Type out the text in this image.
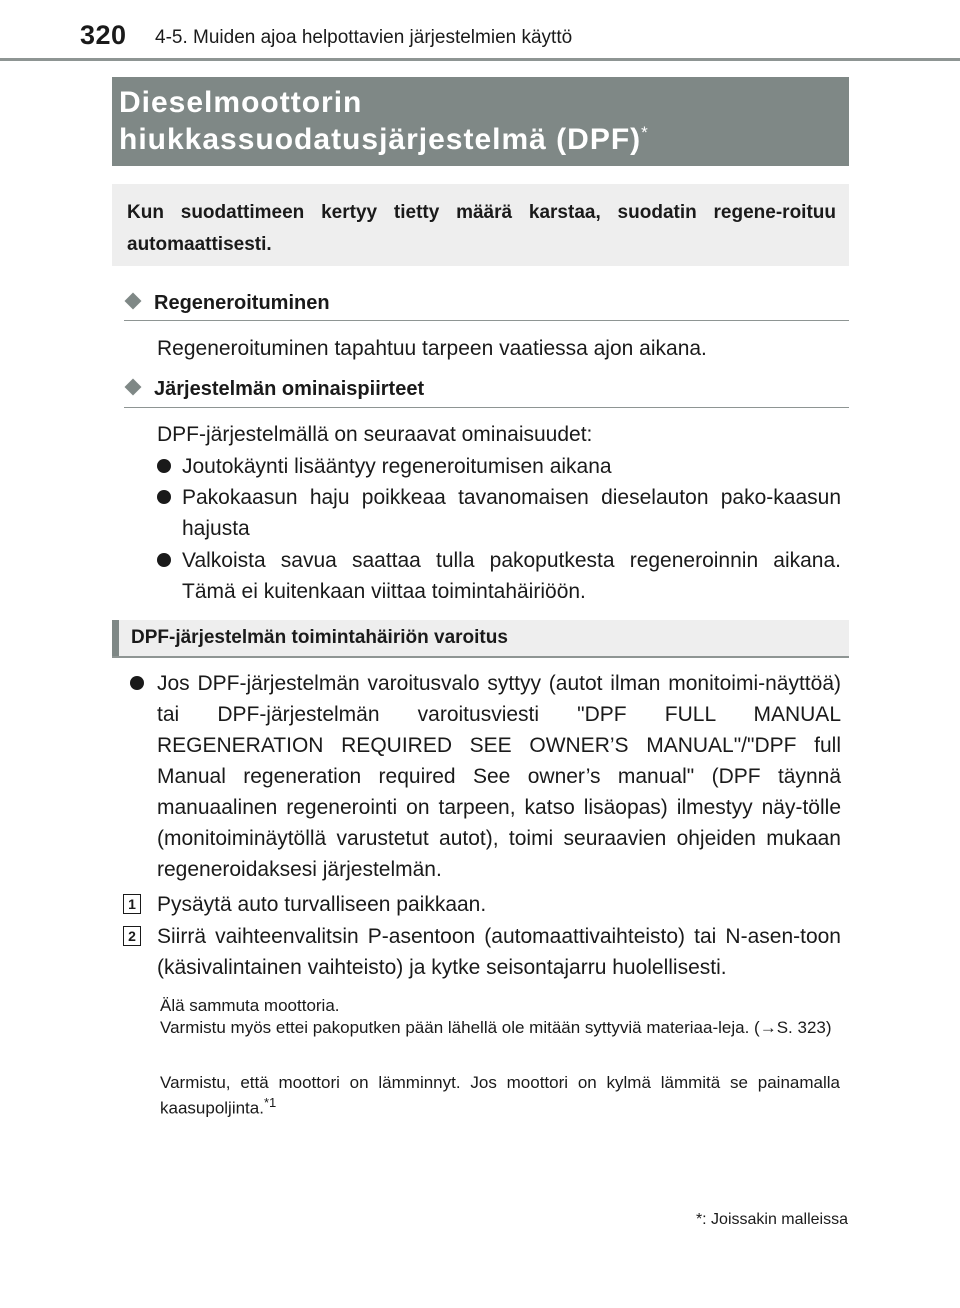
320 4-5. Muiden ajoa helpottavien järjestelmien käyttö
Dieselmoottorin
hiukkassuodatusjärjestelmä (DPF)*
Kun suodattimeen kertyy tietty määrä karstaa, suodatin regene-roituu automaattisesti.
Regeneroituminen
Regeneroituminen tapahtuu tarpeen vaatiessa ajon aikana.
Järjestelmän ominaispiirteet
DPF-järjestelmällä on seuraavat ominaisuudet:
Joutokäynti lisääntyy regeneroitumisen aikana
Pakokaasun haju poikkeaa tavanomaisen dieselauton pako-kaasun hajusta
Valkoista savua saattaa tulla pakoputkesta regeneroinnin aikana. Tämä ei kuitenkaan viittaa toimintahäiriöön.
DPF-järjestelmän toimintahäiriön varoitus
Jos DPF-järjestelmän varoitusvalo syttyy (autot ilman monitoimi-näyttöä) tai DPF-järjestelmän varoitusviesti "DPF FULL MANUAL REGENERATION REQUIRED SEE OWNER’S MANUAL"/"DPF full Manual regeneration required See owner’s manual" (DPF täynnä manuaalinen regenerointi on tarpeen, katso lisäopas) ilmestyy näy-tölle (monitoiminäytöllä varustetut autot), toimi seuraavien ohjeiden mukaan regeneroidaksesi järjestelmän.
1 Pysäytä auto turvalliseen paikkaan.
2 Siirrä vaihteenvalitsin P-asentoon (automaattivaihteisto) tai N-asen-toon (käsivalintainen vaihteisto) ja kytke seisontajarru huolellisesti.
Älä sammuta moottoria.
Varmistu myös ettei pakoputken pään lähellä ole mitään syttyviä materiaa-leja. (→S. 323)
Varmistu, että moottori on lämminnyt. Jos moottori on kylmä lämmitä se painamalla kaasupoljinta.$^{*1}$
*: Joissakin malleissa
